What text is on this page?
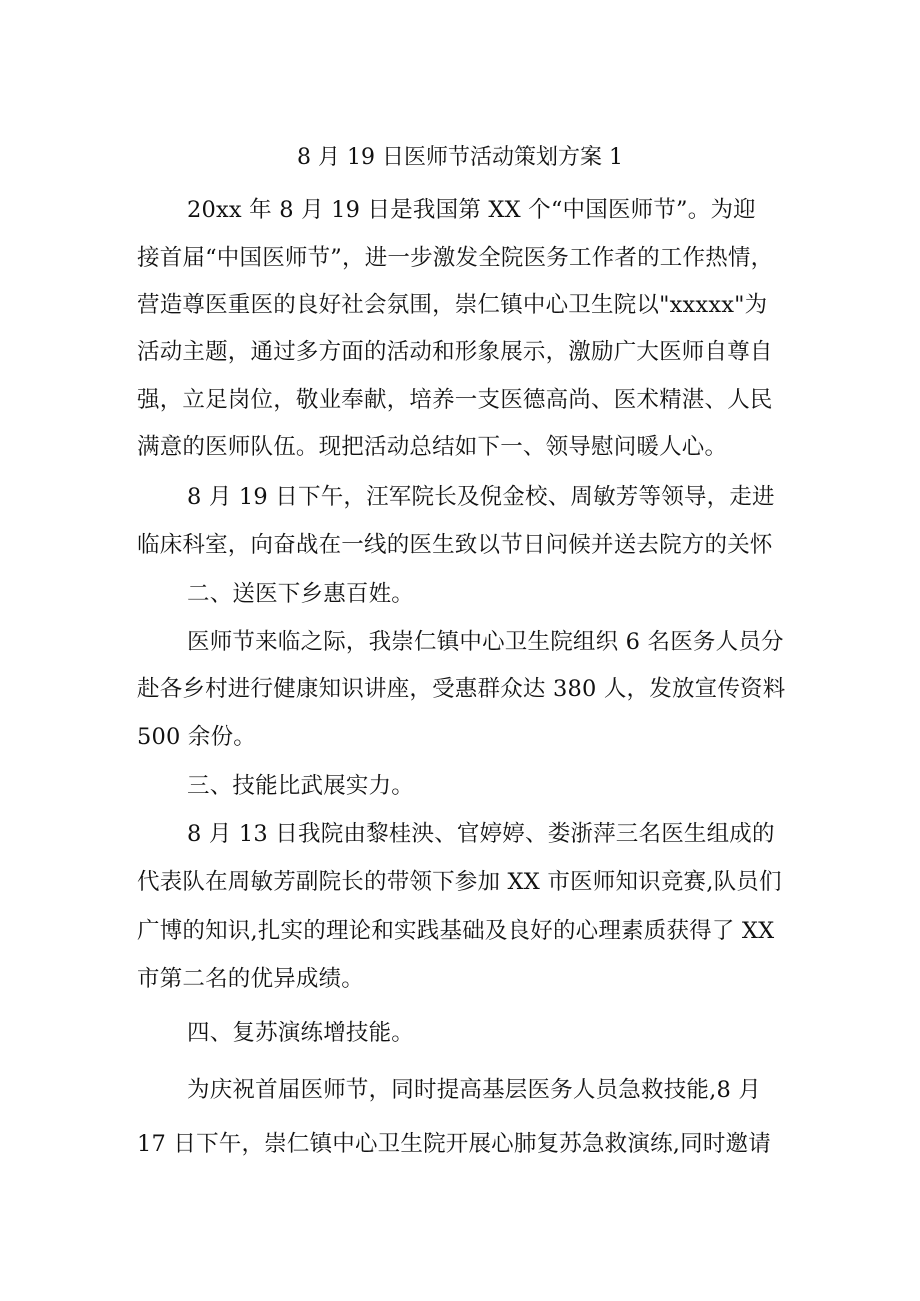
8 月 19 日医师节活动策划方案 1
20xx 年 8 月 19 日是我国第 XX 个“中国医师节”。为迎
接首届“中国医师节”，进一步激发全院医务工作者的工作热情，
营造尊医重医的良好社会氛围，崇仁镇中心卫生院以"xxxxx"为
活动主题，通过多方面的活动和形象展示，激励广大医师自尊自
强，立足岗位，敬业奉献，培养一支医德高尚、医术精湛、人民
满意的医师队伍。现把活动总结如下一、领导慰问暖人心。
8 月 19 日下午，汪军院长及倪金校、周敏芳等领导，走进
临床科室，向奋战在一线的医生致以节日问候并送去院方的关怀
二、送医下乡惠百姓。
医师节来临之际，我崇仁镇中心卫生院组织 6 名医务人员分
赴各乡村进行健康知识讲座，受惠群众达 380 人，发放宣传资料
500 余份。
三、技能比武展实力。
8 月 13 日我院由黎桂泱、官婷婷、娄浙萍三名医生组成的
代表队在周敏芳副院长的带领下参加 XX 市医师知识竞赛,队员们
广博的知识,扎实的理论和实践基础及良好的心理素质获得了 XX
市第二名的优异成绩。
四、复苏演练增技能。
为庆祝首届医师节，同时提高基层医务人员急救技能,8 月
17 日下午，崇仁镇中心卫生院开展心肺复苏急救演练,同时邀请
